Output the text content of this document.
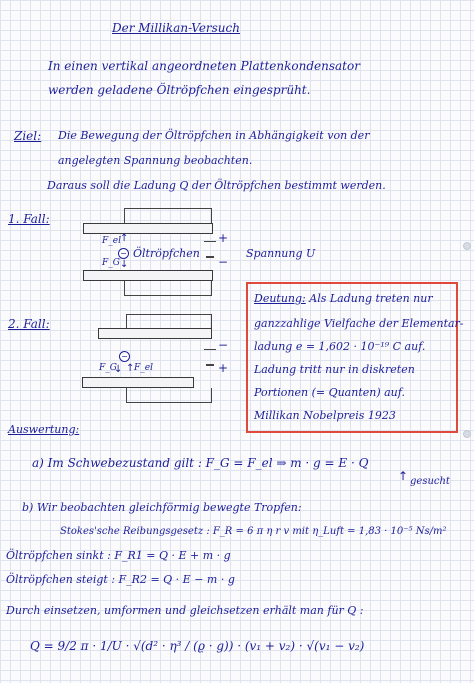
Der Millikan-Versuch
In einen vertikal angeordneten Plattenkondensator
werden geladene Öltröpfchen eingesprüht.
Ziel: Die Bewegung der Öltröpfchen in Abhängigkeit von der
angelegten Spannung beobachten.
Daraus soll die Ladung Q der Öltröpfchen bestimmt werden.
1. Fall:
+
−
F_el ↑
− Öltröpfchen
F_G ↓
Spannung U
2. Fall:
−
+
−
F_G
↓ ↑ F_el
Deutung: Als Ladung treten nur
ganzzahlige Vielfache der Elementar-
ladung e = 1,602 · 10⁻¹⁹ C auf.
Ladung tritt nur in diskreten
Portionen (= Quanten) auf.
Millikan Nobelpreis 1923
Auswertung:
a) Im Schwebezustand gilt : F_G = F_el ⇒ m · g = E · Q
↑ gesucht
b) Wir beobachten gleichförmig bewegte Tropfen:
Stokes'sche Reibungsgesetz : F_R = 6 π η r v mit η_Luft = 1,83 · 10⁻⁵ Ns/m²
Öltröpfchen sinkt : F_R1 = Q · E + m · g
Öltröpfchen steigt : F_R2 = Q · E − m · g
Durch einsetzen, umformen und gleichsetzen erhält man für Q :
Q = 9/2 π · 1/U · √(d² · η³ / (ϱ · g)) · (v₁ + v₂) · √(v₁ − v₂)
